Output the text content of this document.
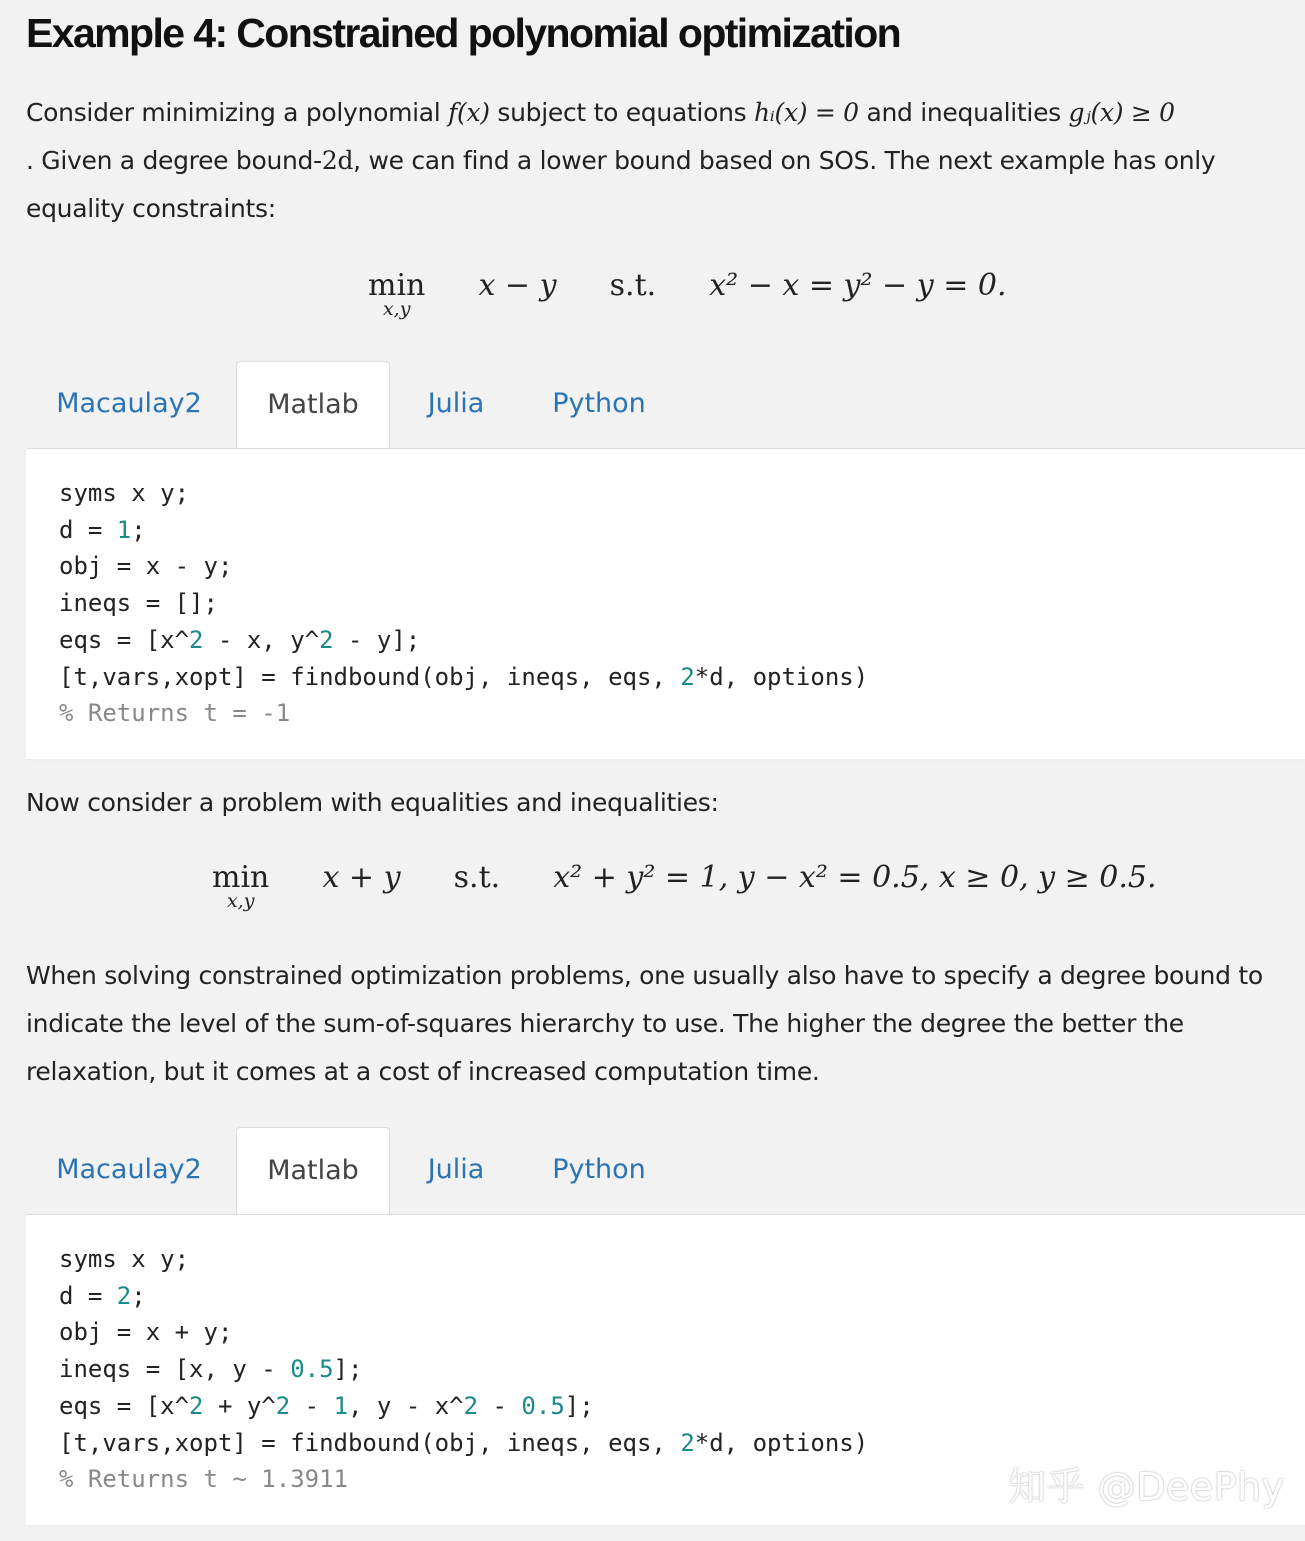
Example 4: Constrained polynomial optimization

Consider minimizing a polynomial f(x) subject to equations hᵢ(x) = 0 and inequalities gⱼ(x) ≥ 0
. Given a degree bound-2d, we can find a lower bound based on SOS. The next example has only equality constraints:

min
x,y
x − y s.t. x² − x = y² − y = 0.
Macaulay2	Matlab	Julia	Python
syms x y;
d = 1;
obj = x - y;
ineqs = [];
eqs = [x^2 - x, y^2 - y];
[t,vars,xopt] = findbound(obj, ineqs, eqs, 2*d, options)
% Returns t = -1

Now consider a problem with equalities and inequalities:

min
x,y
x + y s.t. x² + y² = 1, y − x² = 0.5, x ≥ 0, y ≥ 0.5.

When solving constrained optimization problems, one usually also have to specify a degree bound to indicate the level of the sum-of-squares hierarchy to use. The higher the degree the better the relaxation, but it comes at a cost of increased computation time.

Macaulay2	Matlab	Julia	Python
syms x y;
d = 2;
obj = x + y;
ineqs = [x, y - 0.5];
eqs = [x^2 + y^2 - 1, y - x^2 - 0.5];
[t,vars,xopt] = findbound(obj, ineqs, eqs, 2*d, options)
% Returns t ~ 1.3911	知乎 @DeePhy
